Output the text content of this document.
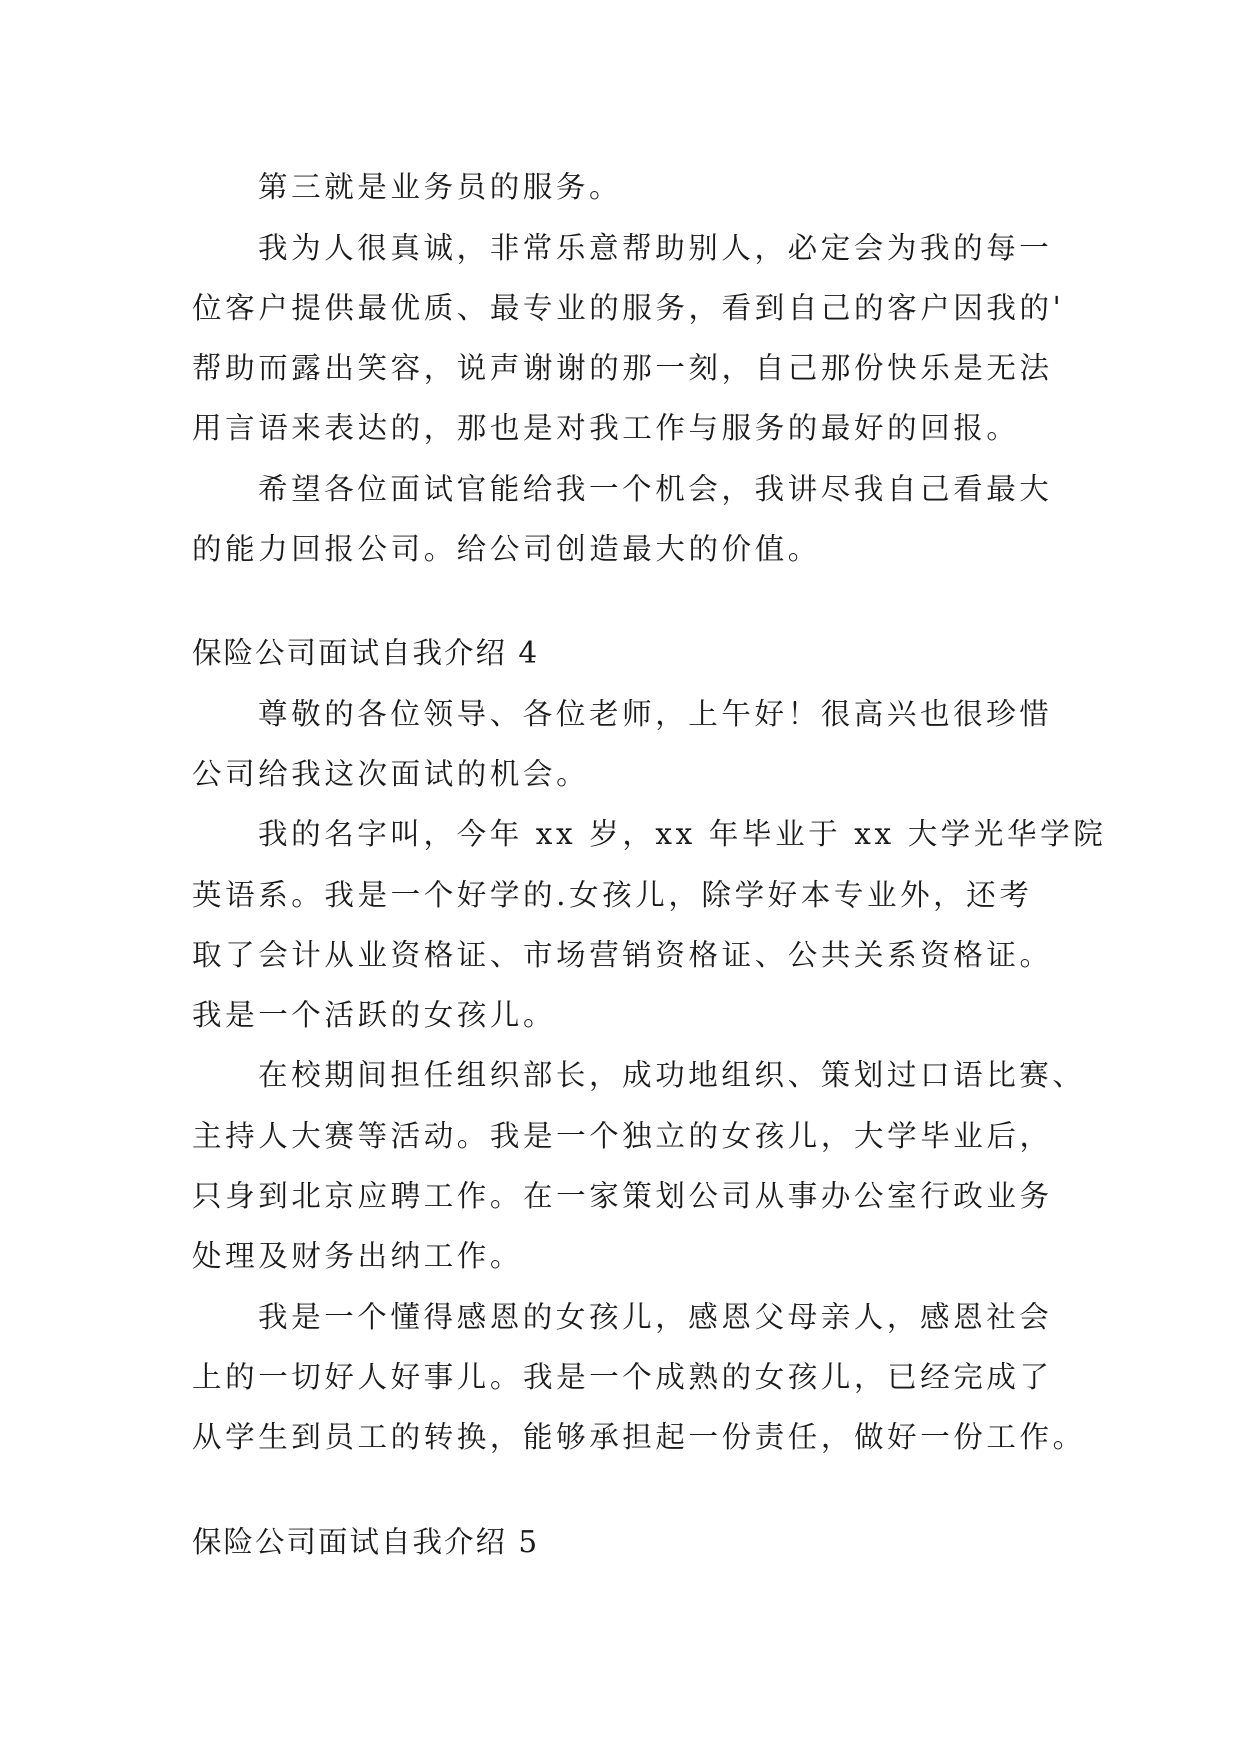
第三就是业务员的服务。

我为人很真诚，非常乐意帮助别人，必定会为我的每一

位客户提供最优质、最专业的服务，看到自己的客户因我的'

帮助而露出笑容，说声谢谢的那一刻，自己那份快乐是无法

用言语来表达的，那也是对我工作与服务的最好的回报。

希望各位面试官能给我一个机会，我讲尽我自己看最大

的能力回报公司。给公司创造最大的价值。

保险公司面试自我介绍 4

尊敬的各位领导、各位老师，上午好！很高兴也很珍惜

公司给我这次面试的机会。

我的名字叫，今年 xx 岁，xx 年毕业于 xx 大学光华学院

英语系。我是一个好学的.女孩儿，除学好本专业外，还考

取了会计从业资格证、市场营销资格证、公共关系资格证。

我是一个活跃的女孩儿。

在校期间担任组织部长，成功地组织、策划过口语比赛、

主持人大赛等活动。我是一个独立的女孩儿，大学毕业后，

只身到北京应聘工作。在一家策划公司从事办公室行政业务

处理及财务出纳工作。

我是一个懂得感恩的女孩儿，感恩父母亲人，感恩社会

上的一切好人好事儿。我是一个成熟的女孩儿，已经完成了

从学生到员工的转换，能够承担起一份责任，做好一份工作。

保险公司面试自我介绍 5
